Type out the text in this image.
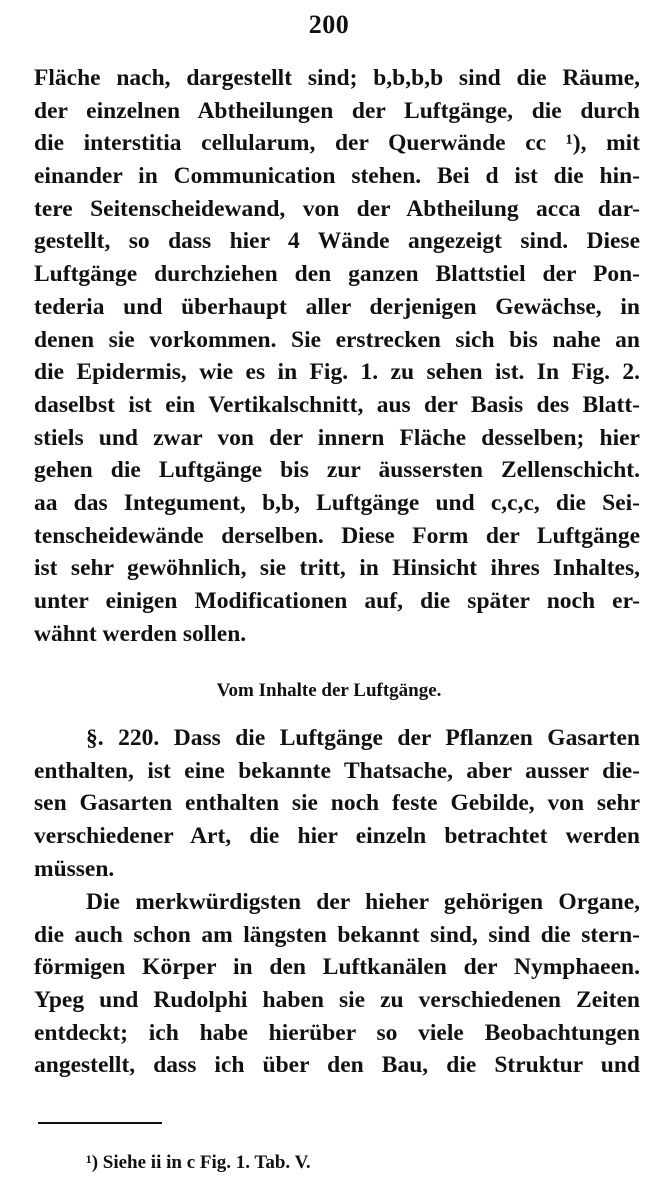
200
Fläche nach, dargestellt sind; b,b,b,b sind die Räume,
der einzelnen Abtheilungen der Luftgänge, die durch
die interstitia cellularum, der Querwände cc ¹), mit
einander in Communication stehen. Bei d ist die hin-
tere Seitenscheidewand, von der Abtheilung acca dar-
gestellt, so dass hier 4 Wände angezeigt sind. Diese
Luftgänge durchziehen den ganzen Blattstiel der Pon-
tederia und überhaupt aller derjenigen Gewächse, in
denen sie vorkommen. Sie erstrecken sich bis nahe an
die Epidermis, wie es in Fig. 1. zu sehen ist. In Fig. 2.
daselbst ist ein Vertikalschnitt, aus der Basis des Blatt-
stiels und zwar von der innern Fläche desselben; hier
gehen die Luftgänge bis zur äussersten Zellenschicht.
aa das Integument, b,b, Luftgänge und c,c,c, die Sei-
tenscheidewände derselben. Diese Form der Luftgänge
ist sehr gewöhnlich, sie tritt, in Hinsicht ihres Inhaltes,
unter einigen Modificationen auf, die später noch er-
wähnt werden sollen.
Vom Inhalte der Luftgänge.
§. 220. Dass die Luftgänge der Pflanzen Gasarten
enthalten, ist eine bekannte Thatsache, aber ausser die-
sen Gasarten enthalten sie noch feste Gebilde, von sehr
verschiedener Art, die hier einzeln betrachtet werden
müssen.
Die merkwürdigsten der hieher gehörigen Organe,
die auch schon am längsten bekannt sind, sind die stern-
förmigen Körper in den Luftkanälen der Nymphaeen.
Ypeg und Rudolphi haben sie zu verschiedenen Zeiten
entdeckt; ich habe hierüber so viele Beobachtungen
angestellt, dass ich über den Bau, die Struktur und
¹) Siehe ii in c Fig. 1. Tab. V.
